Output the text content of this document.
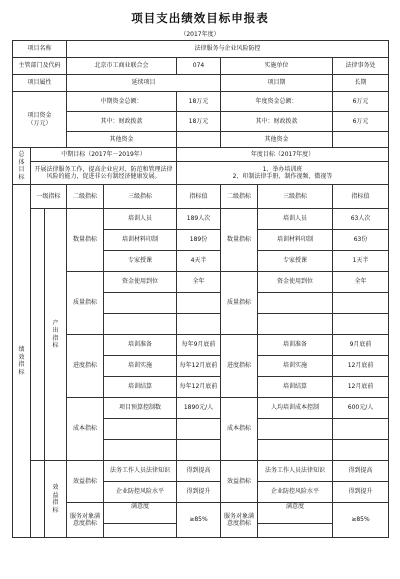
项目支出绩效目标申报表
（2017年度）
项目名称			法律服务与企业风险防控					
主管部门及代码			北京市工商业联合会		074	实施单位		法律事务处
项目属性			延续项目			项目期		长期
项目资金
（万元）			中期资金总额：		18万元	年度资金总额：		6万元
			其中：财政拨款		18万元	其中：财政拨款		6万元
			其他资金			其他资金		
总体目标	中期目标（2017年－2019年）				年度目标（2017年度）			
	开展法律服务工作，提高企业应对、防范和管理法律风险的能力，促进非公有制经济健康发展。				1、举办培训班
2、印制法律手册、制作视频、微视等			
绩效指标	一级指标		二级指标	三级指标	指标值	二级指标	三级指标	指标值
		产出指标	数量指标	培训人员	189人次	数量指标	培训人员	63人次
				培训材料印制	189份		培训材料印制	63份
				专家授课	4天半		专家授课	1天半
			质量指标	资金使用到位	全年	质量指标	资金使用到位	全年

			进度指标	培训准备	每年9月底前	进度指标	培训准备	9月底前
				培训实施	每年12月底前		培训实施	12月底前
				培训结算	每年12月底前		培训结算	12月底前
			成本指标	项目预算控制数	1890元/人	成本指标	人均培训成本控制	600元/人

		效益指标	效益指标	法务工作人员法律知识	得到提高	效益指标	法务工作人员法律知识	得到提高
				企业防控风险水平	得到提升		企业防控风险水平	得到提升
			服务对象满意度指标	满意度	≥85%	服务对象满意度指标	满意度	≥85%
